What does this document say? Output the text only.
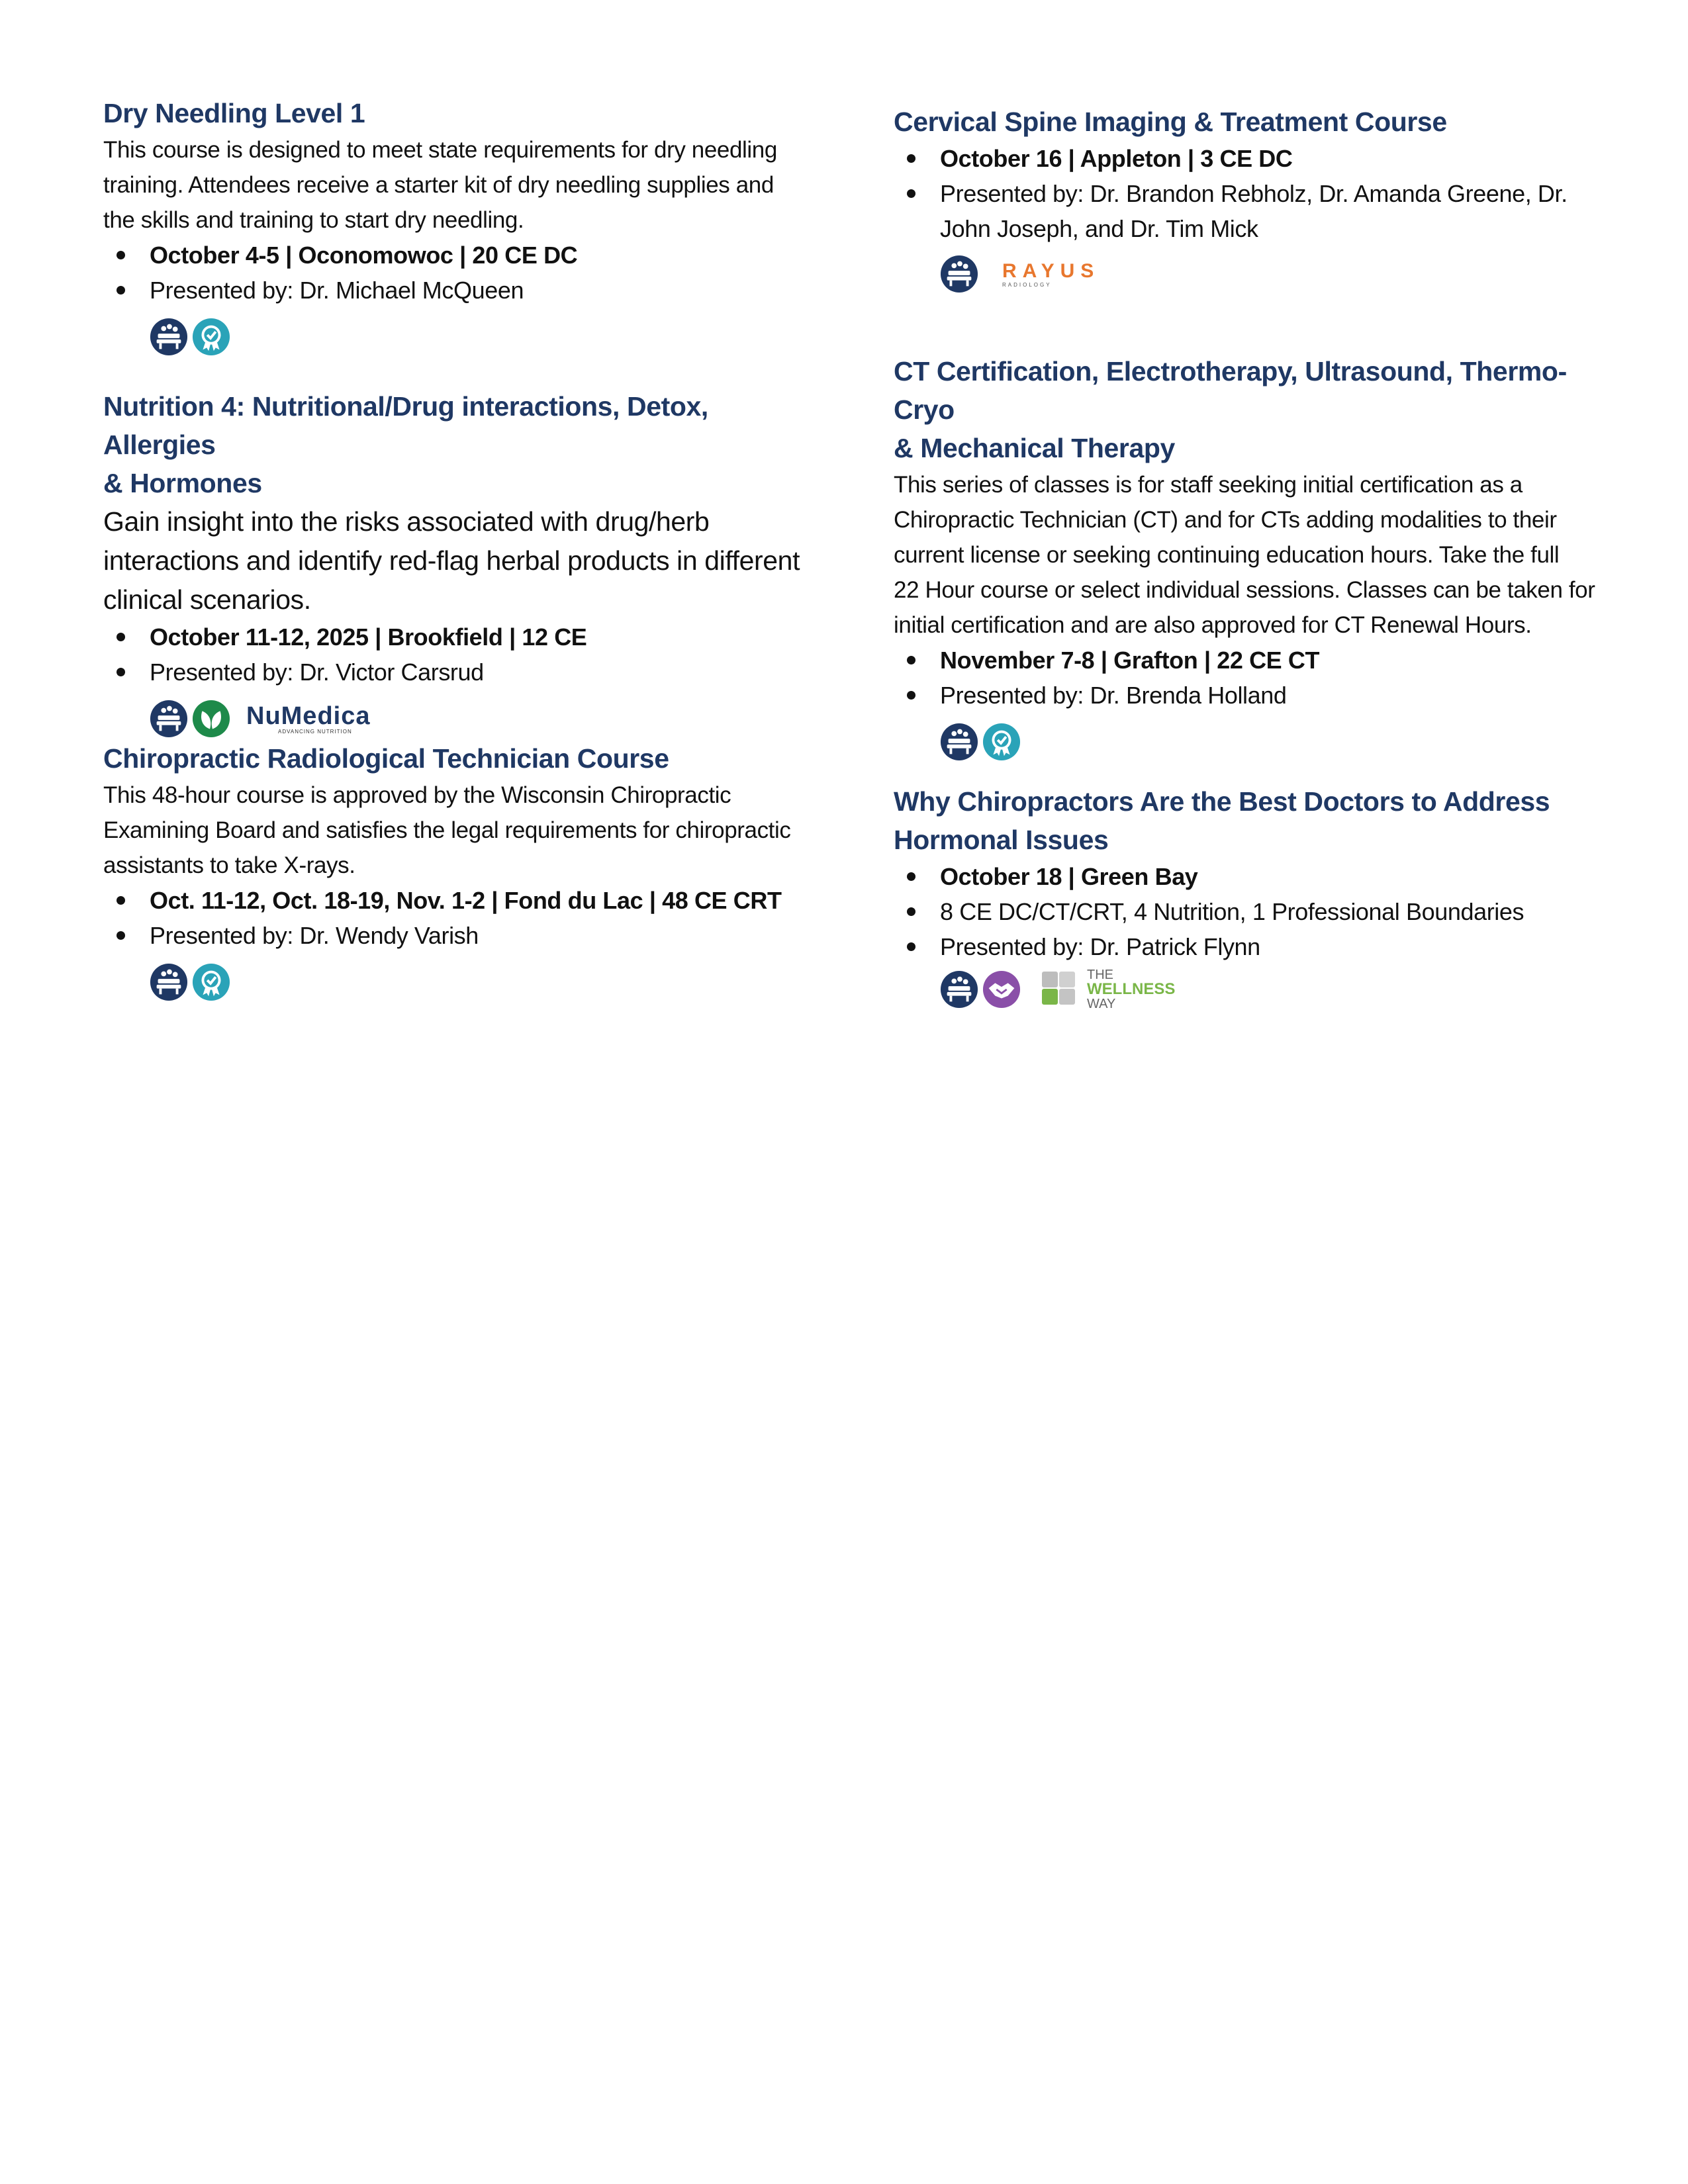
Dry Needling Level 1

This course is designed to meet state requirements for dry needling
training. Attendees receive a starter kit of dry needling supplies and
the skills and training to start dry needling.

October 4-5 | Oconomowoc | 20 CE DC
Presented by: Dr. Michael McQueen
Nutrition 4: Nutritional/Drug interactions, Detox, Allergies
& Hormones

Gain insight into the risks associated with drug/herb
interactions and identify red-flag herbal products in different
clinical scenarios.

October 11-12, 2025 | Brookfield | 12 CE
Presented by: Dr. Victor Carsrud
NuMedica
ADVANCING NUTRITION
Chiropractic Radiological Technician Course

This 48-hour course is approved by the Wisconsin Chiropractic
Examining Board and satisfies the legal requirements for chiropractic
assistants to take X-rays.

Oct. 11-12, Oct. 18-19, Nov. 1-2 | Fond du Lac | 48 CE CRT
Presented by: Dr. Wendy Varish
Cervical Spine Imaging & Treatment Course
October 16 | Appleton | 3 CE DC
Presented by: Dr. Brandon Rebholz, Dr. Amanda Greene, Dr.
John Joseph, and Dr. Tim Mick
RAYUS
RADIOLOGY
CT Certification, Electrotherapy, Ultrasound, Thermo-Cryo
& Mechanical Therapy

This series of classes is for staff seeking initial certification as a
Chiropractic Technician (CT) and for CTs adding modalities to their
current license or seeking continuing education hours. Take the full
22 Hour course or select individual sessions. Classes can be taken for
initial certification and are also approved for CT Renewal Hours.

November 7-8 | Grafton | 22 CE CT
Presented by: Dr. Brenda Holland
Why Chiropractors Are the Best Doctors to Address
Hormonal Issues
October 18 | Green Bay
8 CE DC/CT/CRT, 4 Nutrition, 1 Professional Boundaries
Presented by: Dr. Patrick Flynn
THE
WELLNESS
WAY
